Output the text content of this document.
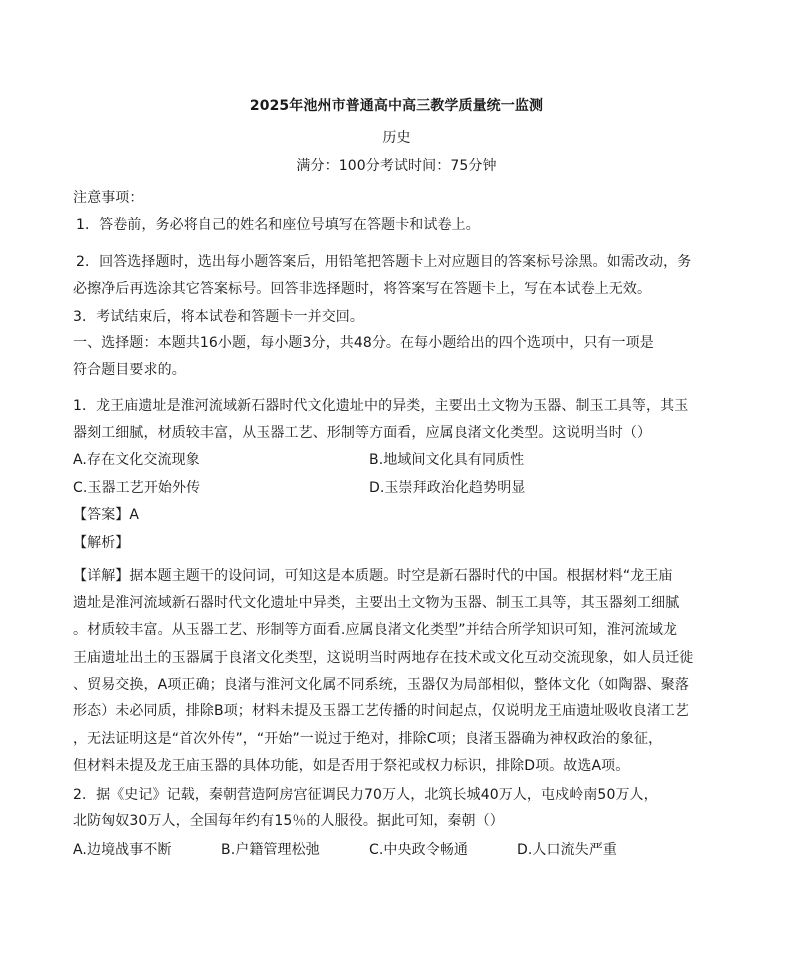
2025年池州市普通高中高三教学质量统一监测
历史
满分：100分考试时间：75分钟
注意事项：
1．答卷前，务必将自己的姓名和座位号填写在答题卡和试卷上。
2．回答选择题时，选出每小题答案后，用铅笔把答题卡上对应题目的答案标号涂黑。如需改动，务
必擦净后再选涂其它答案标号。回答非选择题时，将答案写在答题卡上，写在本试卷上无效。
3．考试结束后，将本试卷和答题卡一并交回。
一、选择题：本题共16小题，每小题3分，共48分。在每小题给出的四个选项中，只有一项是
符合题目要求的。
1．龙王庙遗址是淮河流域新石器时代文化遗址中的异类，主要出土文物为玉器、制玉工具等，其玉
器刻工细腻，材质较丰富，从玉器工艺、形制等方面看，应属良渚文化类型。这说明当时（）
A.存在文化交流现象	B.地域间文化具有同质性
C.玉器工艺开始外传	D.玉崇拜政治化趋势明显
【答案】A
【解析】
【详解】据本题主题干的设问词，可知这是本质题。时空是新石器时代的中国。根据材料“龙王庙
遗址是淮河流域新石器时代文化遗址中异类，主要出土文物为玉器、制玉工具等，其玉器刻工细腻
。材质较丰富。从玉器工艺、形制等方面看.应属良渚文化类型”并结合所学知识可知，淮河流域龙
王庙遗址出土的玉器属于良渚文化类型，这说明当时两地存在技术或文化互动交流现象，如人员迁徙
、贸易交换，A项正确；良渚与淮河文化属不同系统，玉器仅为局部相似，整体文化（如陶器、聚落
形态）未必同质，排除B项；材料未提及玉器工艺传播的时间起点，仅说明龙王庙遗址吸收良渚工艺
，无法证明这是“首次外传”，“开始”一说过于绝对，排除C项；良渚玉器确为神权政治的象征，
但材料未提及龙王庙玉器的具体功能，如是否用于祭祀或权力标识，排除D项。故选A项。
2．据《史记》记载，秦朝营造阿房宫征调民力70万人，北筑长城40万人，屯戍岭南50万人，
北防匈奴30万人，全国每年约有15％的人服役。据此可知，秦朝（）
A.边境战事不断	B.户籍管理松弛	C.中央政令畅通	D.人口流失严重
